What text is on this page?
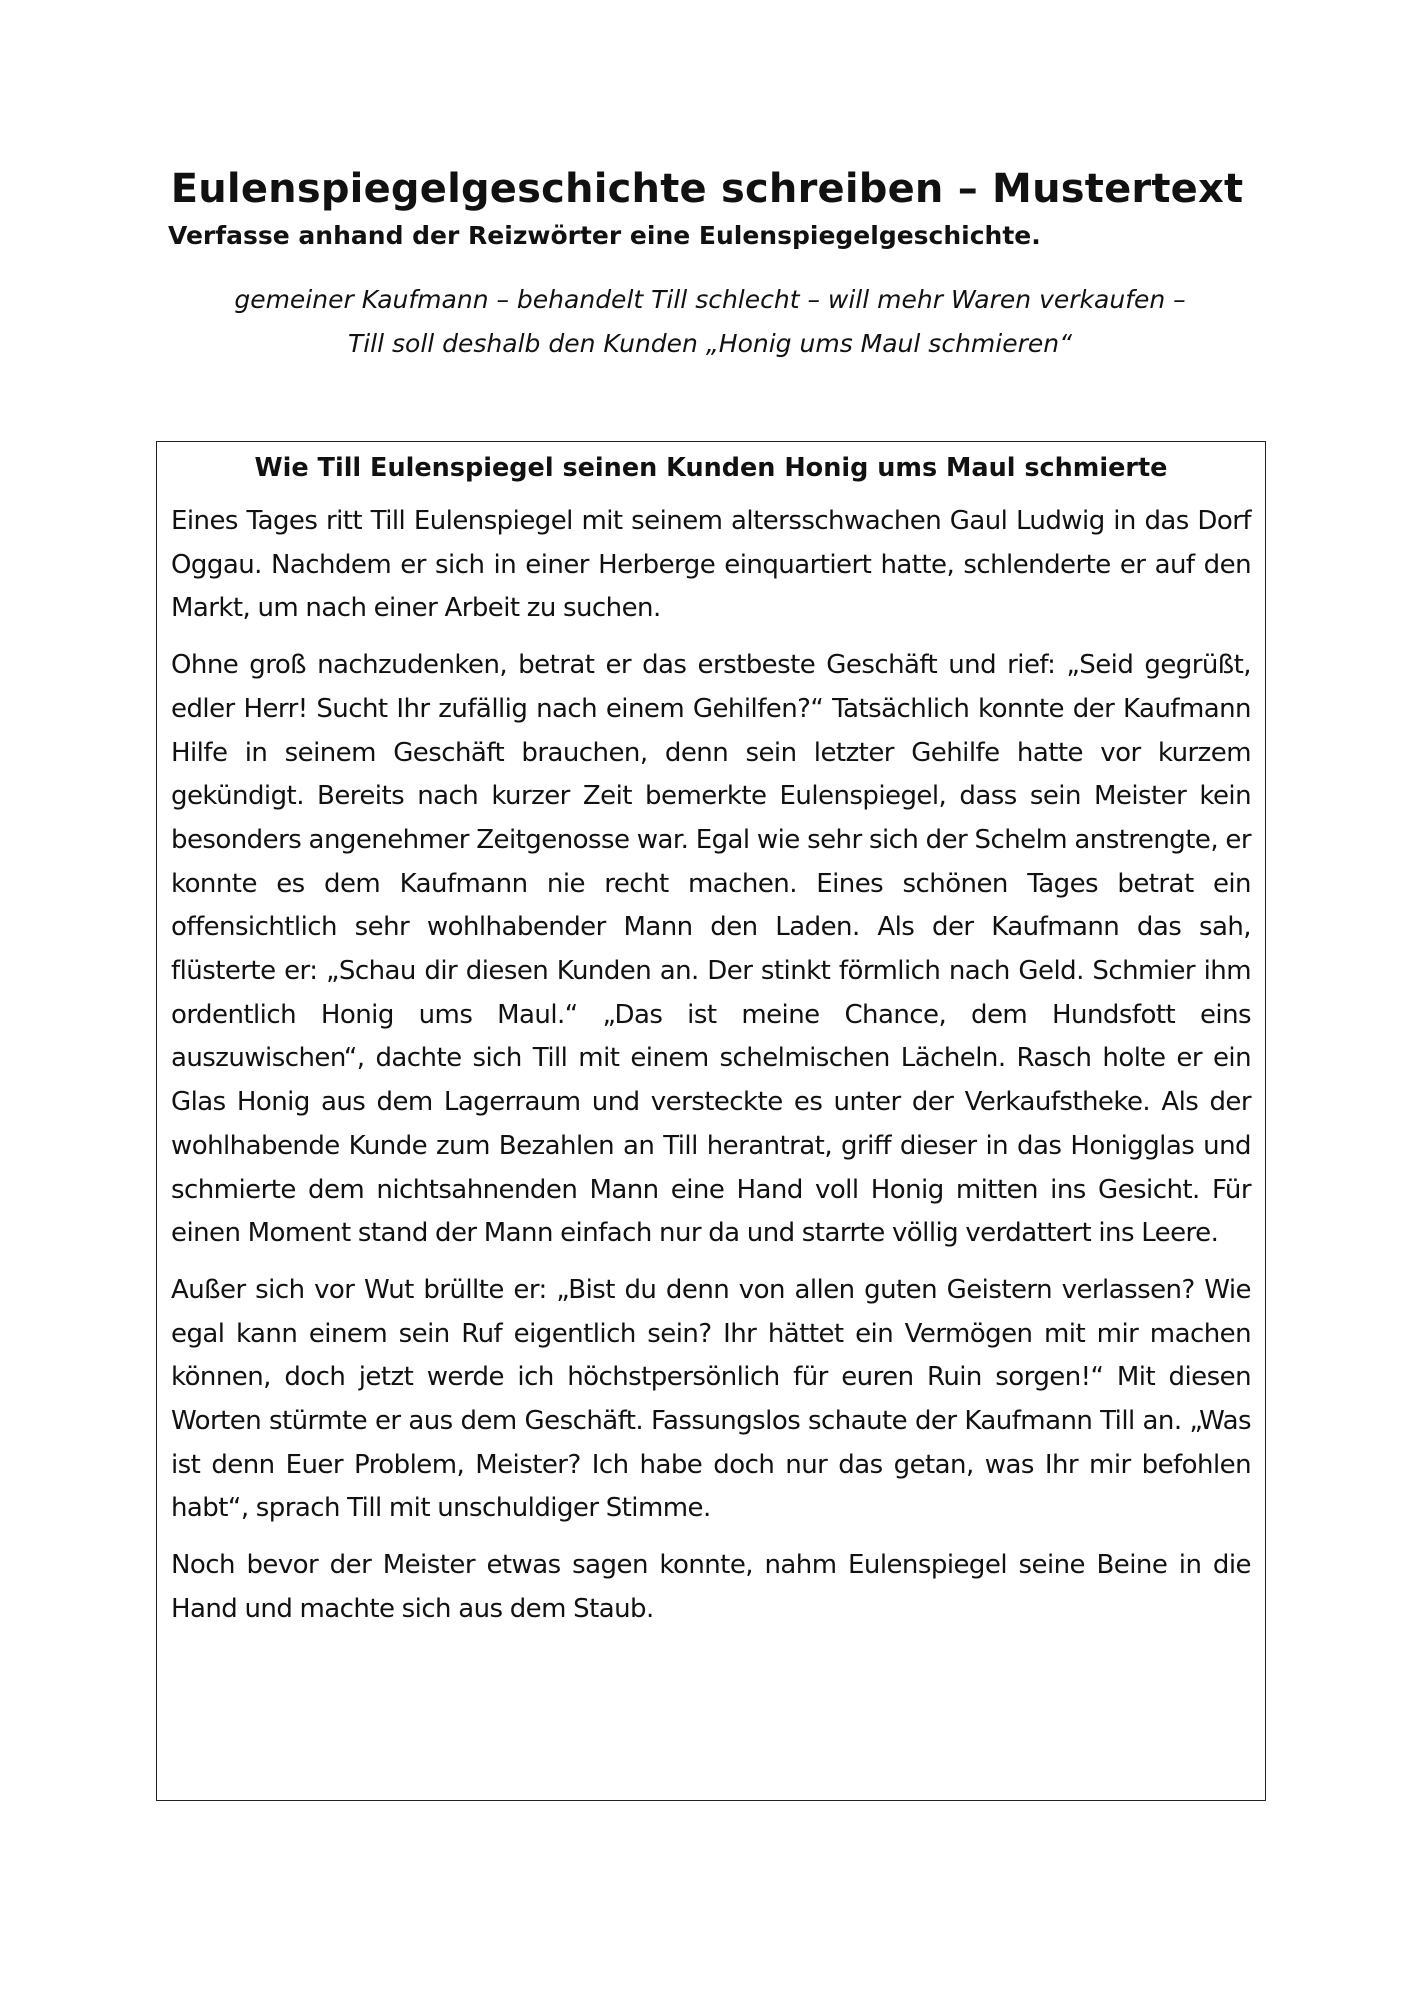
Eulenspiegelgeschichte schreiben – Mustertext
Verfasse anhand der Reizwörter eine Eulenspiegelgeschichte.
gemeiner Kaufmann – behandelt Till schlecht – will mehr Waren verkaufen –
Till soll deshalb den Kunden „Honig ums Maul schmieren“
Wie Till Eulenspiegel seinen Kunden Honig ums Maul schmierte

Eines Tages ritt Till Eulenspiegel mit seinem altersschwachen Gaul Ludwig in das Dorf Oggau. Nachdem er sich in einer Herberge einquartiert hatte, schlenderte er auf den Markt, um nach einer Arbeit zu suchen.

Ohne groß nachzudenken, betrat er das erstbeste Geschäft und rief: „Seid gegrüßt, edler Herr! Sucht Ihr zufällig nach einem Gehilfen?“ Tatsächlich konnte der Kaufmann Hilfe in seinem Geschäft brauchen, denn sein letzter Gehilfe hatte vor kurzem gekündigt. Bereits nach kurzer Zeit bemerkte Eulenspiegel, dass sein Meister kein besonders angenehmer Zeitgenosse war. Egal wie sehr sich der Schelm anstrengte, er konnte es dem Kaufmann nie recht machen. Eines schönen Tages betrat ein offensichtlich sehr wohlhabender Mann den Laden. Als der Kaufmann das sah, flüsterte er: „Schau dir diesen Kunden an. Der stinkt förmlich nach Geld. Schmier ihm ordentlich Honig ums Maul.“ „Das ist meine Chance, dem Hundsfott eins auszuwischen“, dachte sich Till mit einem schelmischen Lächeln. Rasch holte er ein Glas Honig aus dem Lagerraum und versteckte es unter der Verkaufstheke. Als der wohlhabende Kunde zum Bezahlen an Till herantrat, griff dieser in das Honigglas und schmierte dem nichtsahnenden Mann eine Hand voll Honig mitten ins Gesicht. Für einen Moment stand der Mann einfach nur da und starrte völlig verdattert ins Leere.

Außer sich vor Wut brüllte er: „Bist du denn von allen guten Geistern verlassen? Wie egal kann einem sein Ruf eigentlich sein? Ihr hättet ein Vermögen mit mir machen können, doch jetzt werde ich höchstpersönlich für euren Ruin sorgen!“ Mit diesen Worten stürmte er aus dem Geschäft. Fassungslos schaute der Kaufmann Till an. „Was ist denn Euer Problem, Meister? Ich habe doch nur das getan, was Ihr mir befohlen habt“, sprach Till mit unschuldiger Stimme.

Noch bevor der Meister etwas sagen konnte, nahm Eulenspiegel seine Beine in die Hand und machte sich aus dem Staub.
